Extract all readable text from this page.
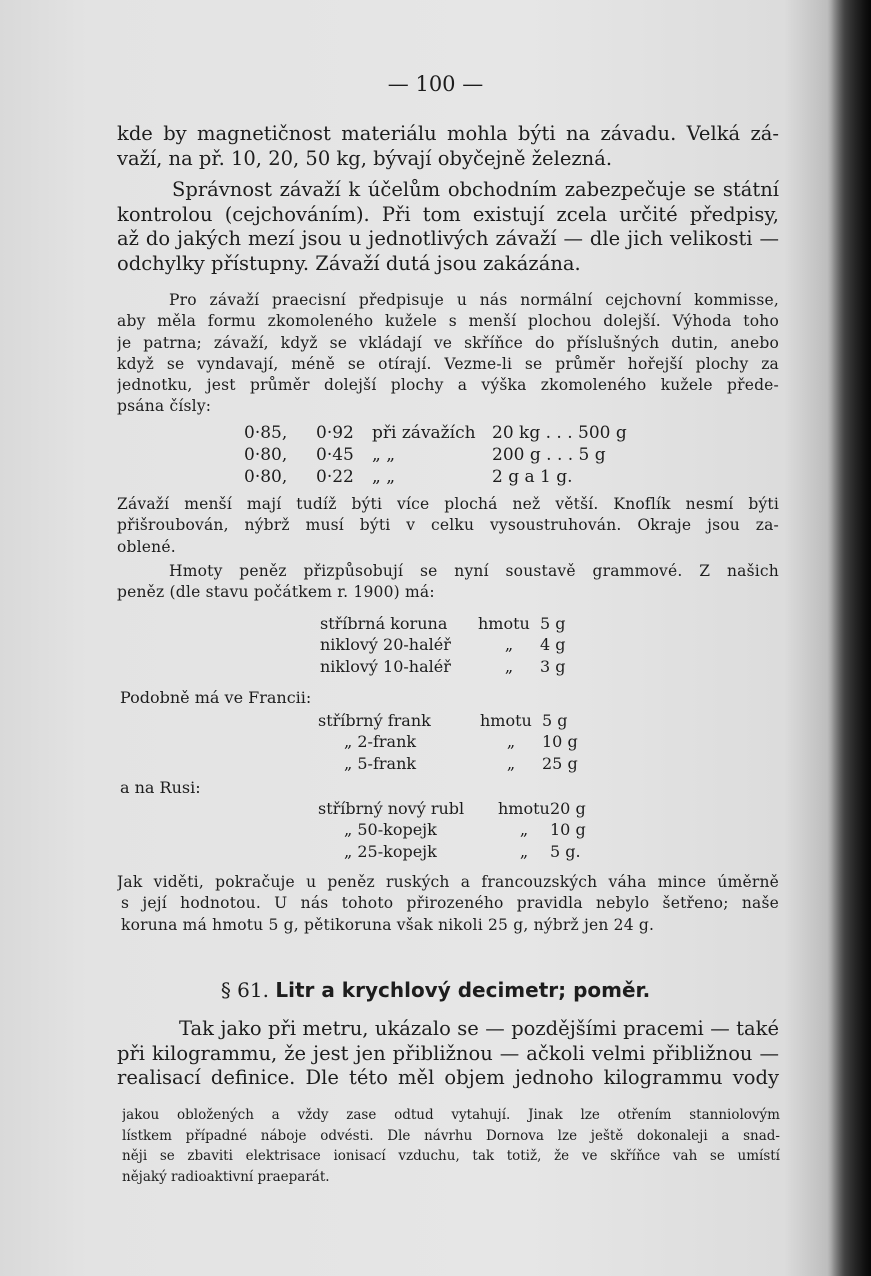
— 100 —
kde by magnetičnost materiálu mohla býti na závadu. Velká zá-
važí, na př. 10, 20, 50 kg, bývají obyčejně železná.
Správnost závaží k účelům obchodním zabezpečuje se státní
kontrolou (cejchováním). Při tom existují zcela určité předpisy,
až do jakých mezí jsou u jednotlivých závaží — dle jich velikosti —
odchylky přístupny. Závaží dutá jsou zakázána.
Pro závaží praecisní předpisuje u nás normální cejchovní kommisse,
aby měla formu zkomoleného kužele s menší plochou dolejší. Výhoda toho
je patrna; závaží, když se vkládají ve skříňce do příslušných dutin, anebo
když se vyndavají, méně se otírají. Vezme-li se průměr hořejší plochy za
jednotku, jest průměr dolejší plochy a výška zkomoleného kužele přede-
psána čísly:
0·85,	0·92	při závažích	20 kg . . . 500 g
0·80,	0·45	„ „	200 g . . . 5 g
0·80,	0·22	„ „	2 g a 1 g.
Závaží menší mají tudíž býti více plochá než větší. Knoflík nesmí býti
přišroubován, nýbrž musí býti v celku vysoustruhován. Okraje jsou za-
oblené.
Hmoty peněz přizpůsobují se nyní soustavě grammové. Z našich
peněz (dle stavu počátkem r. 1900) má:
stříbrná koruna	hmotu	5 g
niklový 20-haléř	„	4 g
niklový 10-haléř	„	3 g
Podobně má ve Francii:
stříbrný frank	hmotu	5 g
„ 2-frank	„	10 g
„ 5-frank	„	25 g
a na Rusi:
stříbrný nový rubl	hmotu	20 g
„ 50-kopejk	„	10 g
„ 25-kopejk	„	5 g.
Jak viděti, pokračuje u peněz ruských a francouzských váha mince úměrně
s její hodnotou. U nás tohoto přirozeného pravidla nebylo šetřeno; naše
koruna má hmotu 5 g, pětikoruna však nikoli 25 g, nýbrž jen 24 g.
§ 61. Litr a krychlový decimetr; poměr.
Tak jako při metru, ukázalo se — pozdějšími pracemi — také
při kilogrammu, že jest jen přibližnou — ačkoli velmi přibližnou —
realisací definice. Dle této měl objem jednoho kilogrammu vody
jakou obložených a vždy zase odtud vytahují. Jinak lze otřením stanniolovým
lístkem případné náboje odvésti. Dle návrhu Dornova lze ještě dokonaleji a snad-
něji se zbaviti elektrisace ionisací vzduchu, tak totiž, že ve skříňce vah se umístí
nějaký radioaktivní praeparát.
